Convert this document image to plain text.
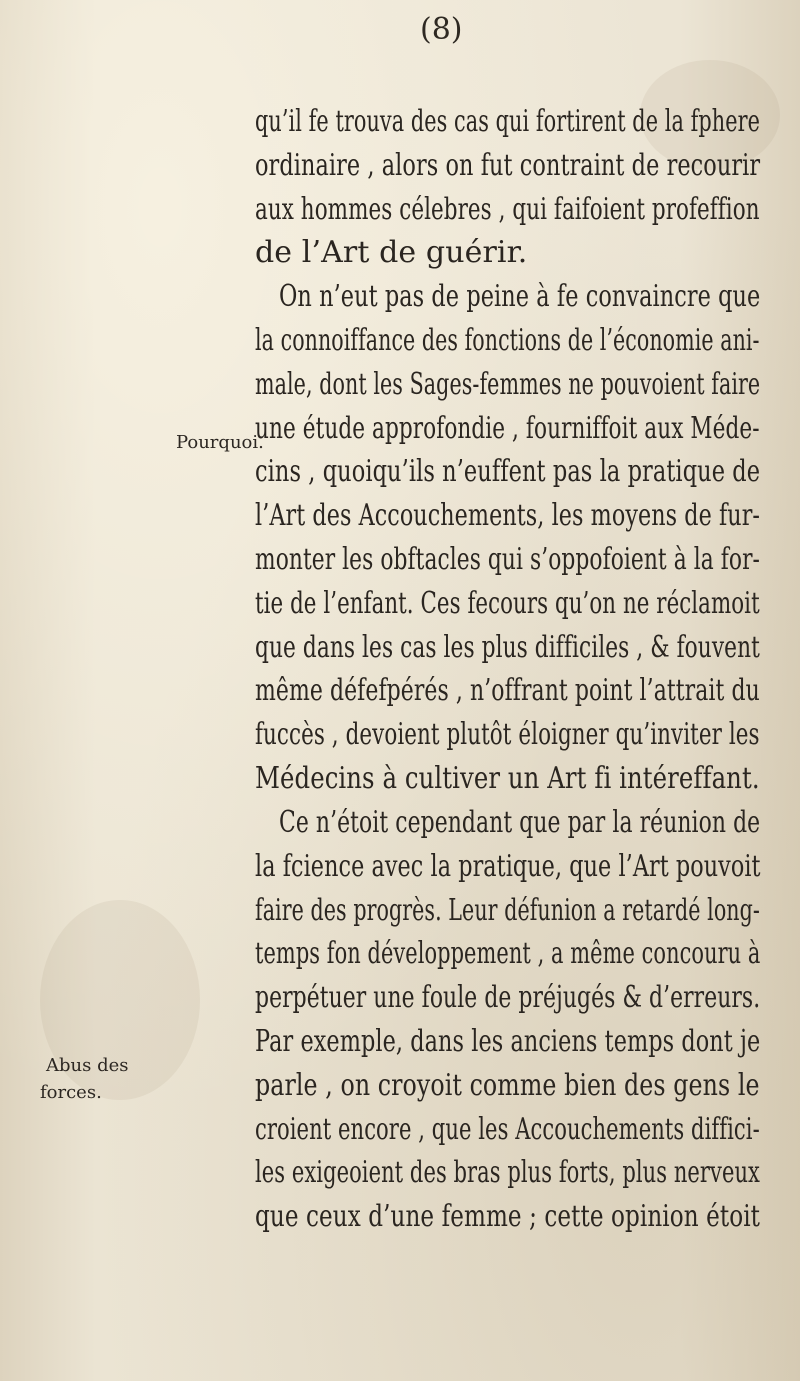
(8)
Pourquoi.
Abus des
forces.
qu’il fe trouva des cas qui fortirent de la fphere
ordinaire , alors on fut contraint de recourir
aux hommes célebres , qui faifoient profeffion
de l’Art de guérir.
On n’eut pas de peine à fe convaincre que
la connoiffance des fonctions de l’économie ani-
male, dont les Sages-femmes ne pouvoient faire
une étude approfondie , fourniffoit aux Méde-
cins , quoiqu’ils n’euffent pas la pratique de
l’Art des Accouchements, les moyens de fur-
monter les obftacles qui s’oppofoient à la for-
tie de l’enfant. Ces fecours qu’on ne réclamoit
que dans les cas les plus difficiles , & fouvent
même défefpérés , n’offrant point l’attrait du
fuccès , devoient plutôt éloigner qu’inviter les
Médecins à cultiver un Art fi intéreffant.
Ce n’étoit cependant que par la réunion de
la fcience avec la pratique, que l’Art pouvoit
faire des progrès. Leur défunion a retardé long-
temps fon développement , a même concouru à
perpétuer une foule de préjugés & d’erreurs.
Par exemple, dans les anciens temps dont je
parle , on croyoit comme bien des gens le
croient encore , que les Accouchements diffici-
les exigeoient des bras plus forts, plus nerveux
que ceux d’une femme ; cette opinion étoit
